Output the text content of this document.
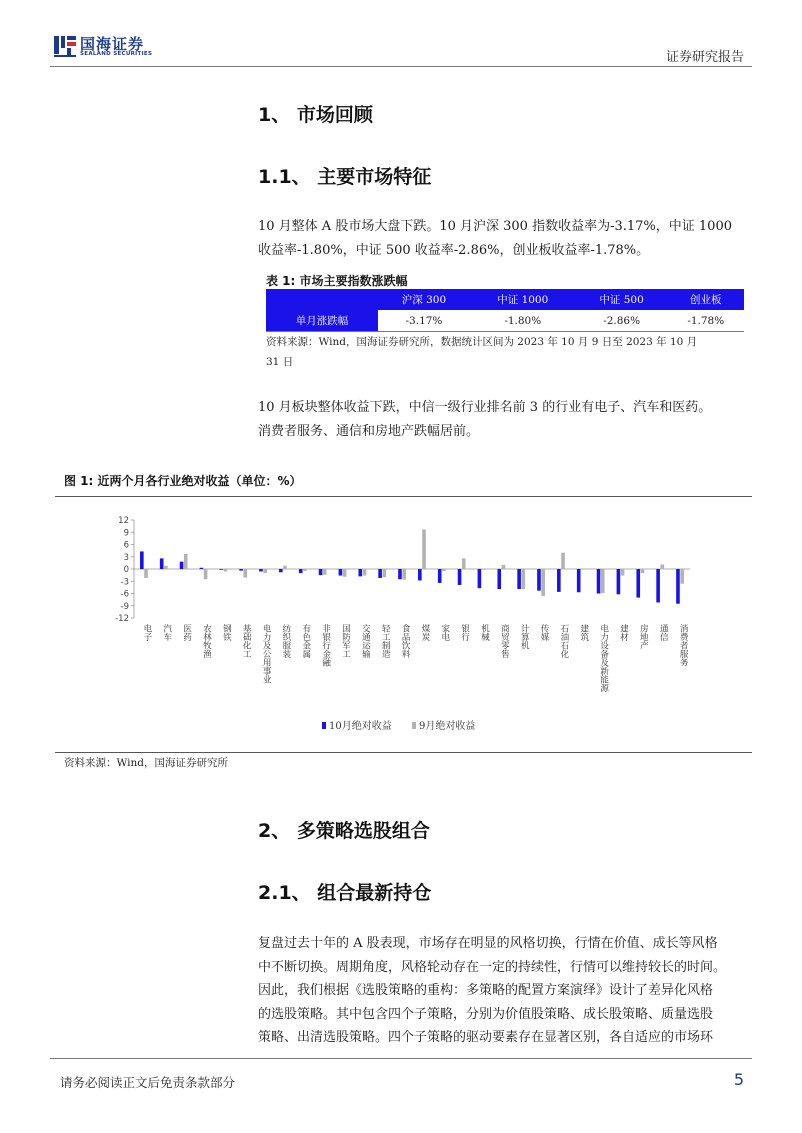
国海证券
SEALAND SECURITIES	证券研究报告
1、 市场回顾
1.1、 主要市场特征
10 月整体 A 股市场大盘下跌。10 月沪深 300 指数收益率为-3.17%，中证 1000
收益率-1.80%，中证 500 收益率-2.86%，创业板收益率-1.78%。
表 1: 市场主要指数涨跌幅
	沪深 300	中证 1000	中证 500	创业板
单月涨跌幅	-3.17%	-1.80%	-2.86%	-1.78%
资料来源：Wind，国海证券研究所，数据统计区间为 2023 年 10 月 9 日至 2023 年 10 月
31 日
10 月板块整体收益下跌，中信一级行业排名前 3 的行业有电子、汽车和医药。
消费者服务、通信和房地产跌幅居前。
图 1: 近两个月各行业绝对收益（单位：%）
12
9
6
3
0
-3
-6
-9
-12
电子 汽车 医药 农林牧渔 钢铁 基础化工 电力及公用事业 纺织服装 有色金属 非银行金融 国防军工 交通运输 轻工制造 食品饮料 煤炭 家电 银行 机械 商贸零售 计算机 传媒 石油石化 建筑 电力设备及新能源 建材 房地产 通信 消费者服务
10月绝对收益	9月绝对收益
资料来源：Wind，国海证券研究所
2、 多策略选股组合
2.1、 组合最新持仓
复盘过去十年的 A 股表现，市场存在明显的风格切换，行情在价值、成长等风格
中不断切换。周期角度，风格轮动存在一定的持续性，行情可以维持较长的时间。
因此，我们根据《选股策略的重构：多策略的配置方案演绎》设计了差异化风格
的选股策略。其中包含四个子策略，分别为价值股策略、成长股策略、质量选股
策略、出清选股策略。四个子策略的驱动要素存在显著区别，各自适应的市场环
请务必阅读正文后免责条款部分	5
